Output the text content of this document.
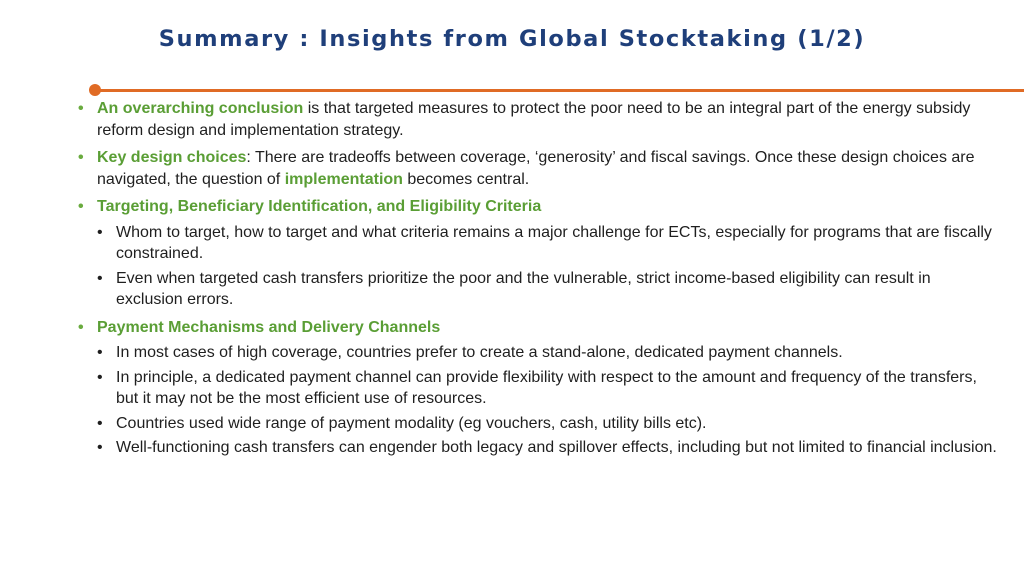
Summary : Insights from Global Stocktaking (1/2)
• An overarching conclusion is that targeted measures to protect the poor need to be an integral part of the energy subsidy reform design and implementation strategy.
• Key design choices: There are tradeoffs between coverage, ‘generosity’ and fiscal savings. Once these design choices are navigated, the question of implementation becomes central.
• Targeting, Beneficiary Identification, and Eligibility Criteria
• Whom to target, how to target and what criteria remains a major challenge for ECTs, especially for programs that are fiscally constrained.
• Even when targeted cash transfers prioritize the poor and the vulnerable, strict income-based eligibility can result in exclusion errors.
• Payment Mechanisms and Delivery Channels
• In most cases of high coverage, countries prefer to create a stand-alone, dedicated payment channels.
• In principle, a dedicated payment channel can provide flexibility with respect to the amount and frequency of the transfers, but it may not be the most efficient use of resources.
• Countries used wide range of payment modality (eg vouchers, cash, utility bills etc).
• Well-functioning cash transfers can engender both legacy and spillover effects, including but not limited to financial inclusion.
